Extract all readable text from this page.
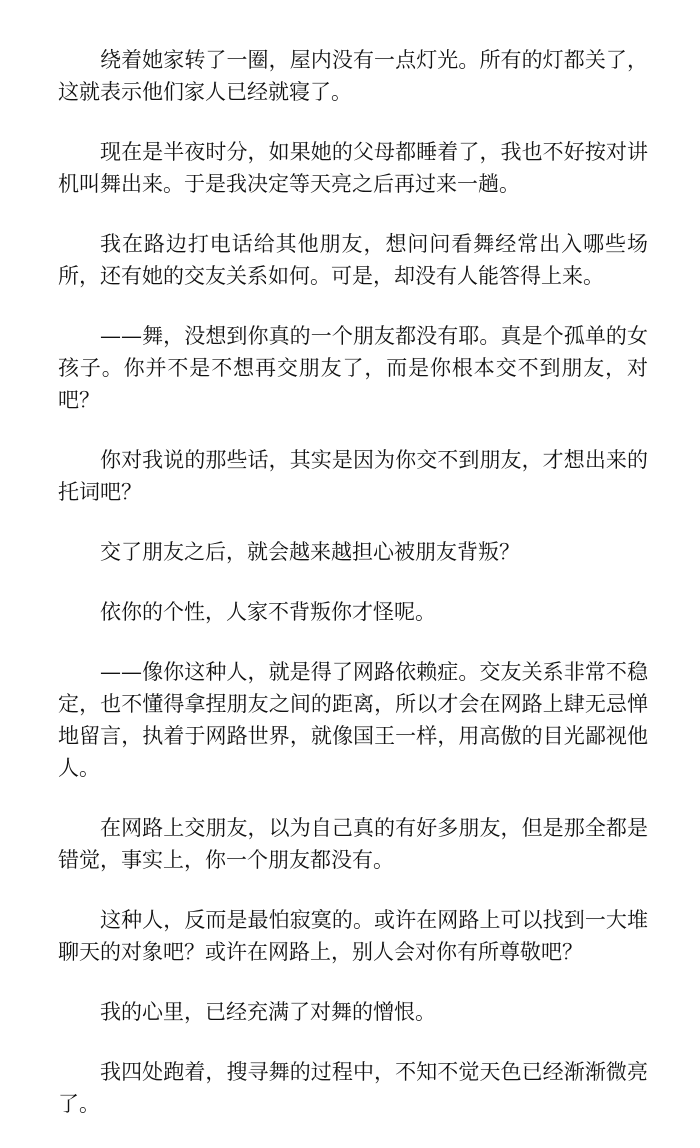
绕着她家转了一圈，屋内没有一点灯光。所有的灯都关了，这就表示他们家人已经就寝了。

现在是半夜时分，如果她的父母都睡着了，我也不好按对讲机叫舞出来。于是我决定等天亮之后再过来一趟。

我在路边打电话给其他朋友，想问问看舞经常出入哪些场所，还有她的交友关系如何。可是，却没有人能答得上来。

——舞，没想到你真的一个朋友都没有耶。真是个孤单的女孩子。你并不是不想再交朋友了，而是你根本交不到朋友，对吧？

你对我说的那些话，其实是因为你交不到朋友，才想出来的托词吧？

交了朋友之后，就会越来越担心被朋友背叛？

依你的个性，人家不背叛你才怪呢。

——像你这种人，就是得了网路依赖症。交友关系非常不稳定，也不懂得拿捏朋友之间的距离，所以才会在网路上肆无忌惮地留言，执着于网路世界，就像国王一样，用高傲的目光鄙视他人。

在网路上交朋友，以为自己真的有好多朋友，但是那全都是错觉，事实上，你一个朋友都没有。

这种人，反而是最怕寂寞的。或许在网路上可以找到一大堆聊天的对象吧？或许在网路上，别人会对你有所尊敬吧？

我的心里，已经充满了对舞的憎恨。

我四处跑着，搜寻舞的过程中，不知不觉天色已经渐渐微亮了。
